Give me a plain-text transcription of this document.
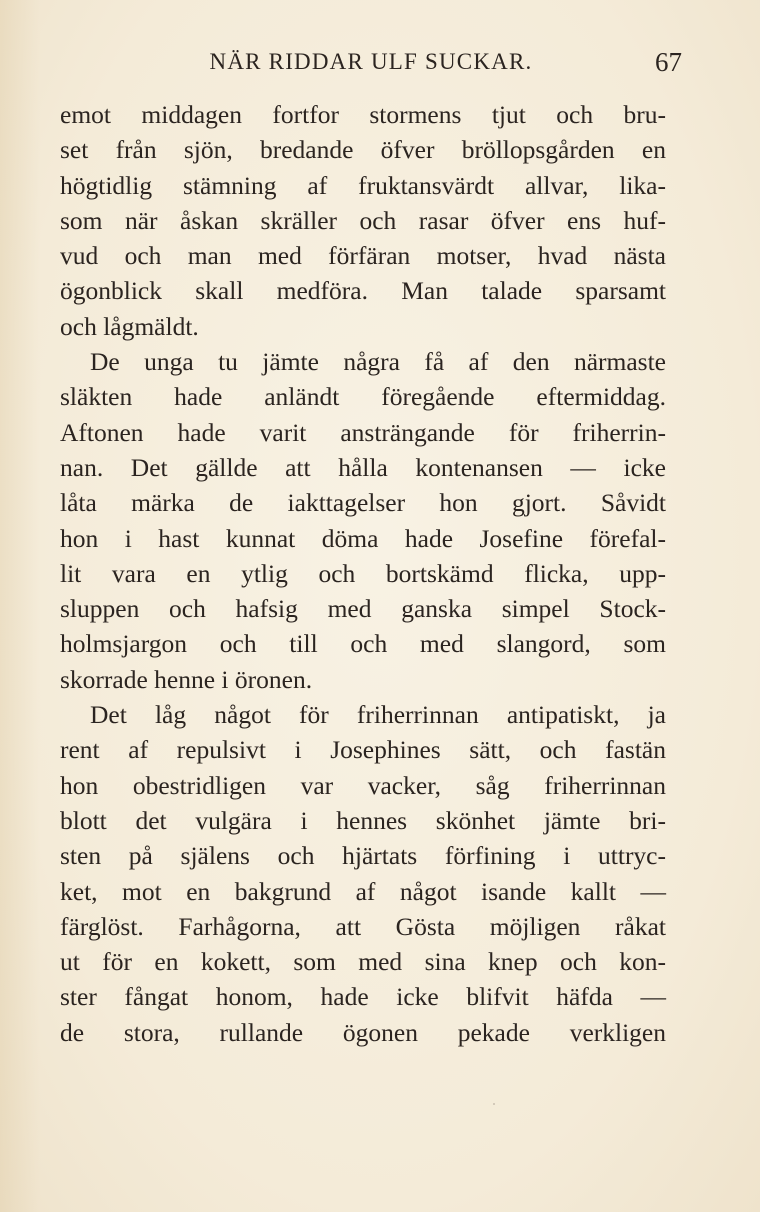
NÄR RIDDAR ULF SUCKAR.	67
emot middagen fortfor stormens tjut och bru-
set från sjön, bredande öfver bröllopsgården en
högtidlig stämning af fruktansvärdt allvar, lika-
som när åskan skräller och rasar öfver ens huf-
vud och man med förfäran motser, hvad nästa
ögonblick skall medföra. Man talade sparsamt
och lågmäldt.
De unga tu jämte några få af den närmaste
släkten hade anländt föregående eftermiddag.
Aftonen hade varit ansträngande för friherrin-
nan. Det gällde att hålla kontenansen — icke
låta märka de iakttagelser hon gjort. Såvidt
hon i hast kunnat döma hade Josefine förefal-
lit vara en ytlig och bortskämd flicka, upp-
sluppen och hafsig med ganska simpel Stock-
holmsjargon och till och med slangord, som
skorrade henne i öronen.
Det låg något för friherrinnan antipatiskt, ja
rent af repulsivt i Josephines sätt, och fastän
hon obestridligen var vacker, såg friherrinnan
blott det vulgära i hennes skönhet jämte bri-
sten på själens och hjärtats förfining i uttryc-
ket, mot en bakgrund af något isande kallt —
färglöst. Farhågorna, att Gösta möjligen råkat
ut för en kokett, som med sina knep och kon-
ster fångat honom, hade icke blifvit häfda —
de stora, rullande ögonen pekade verkligen
